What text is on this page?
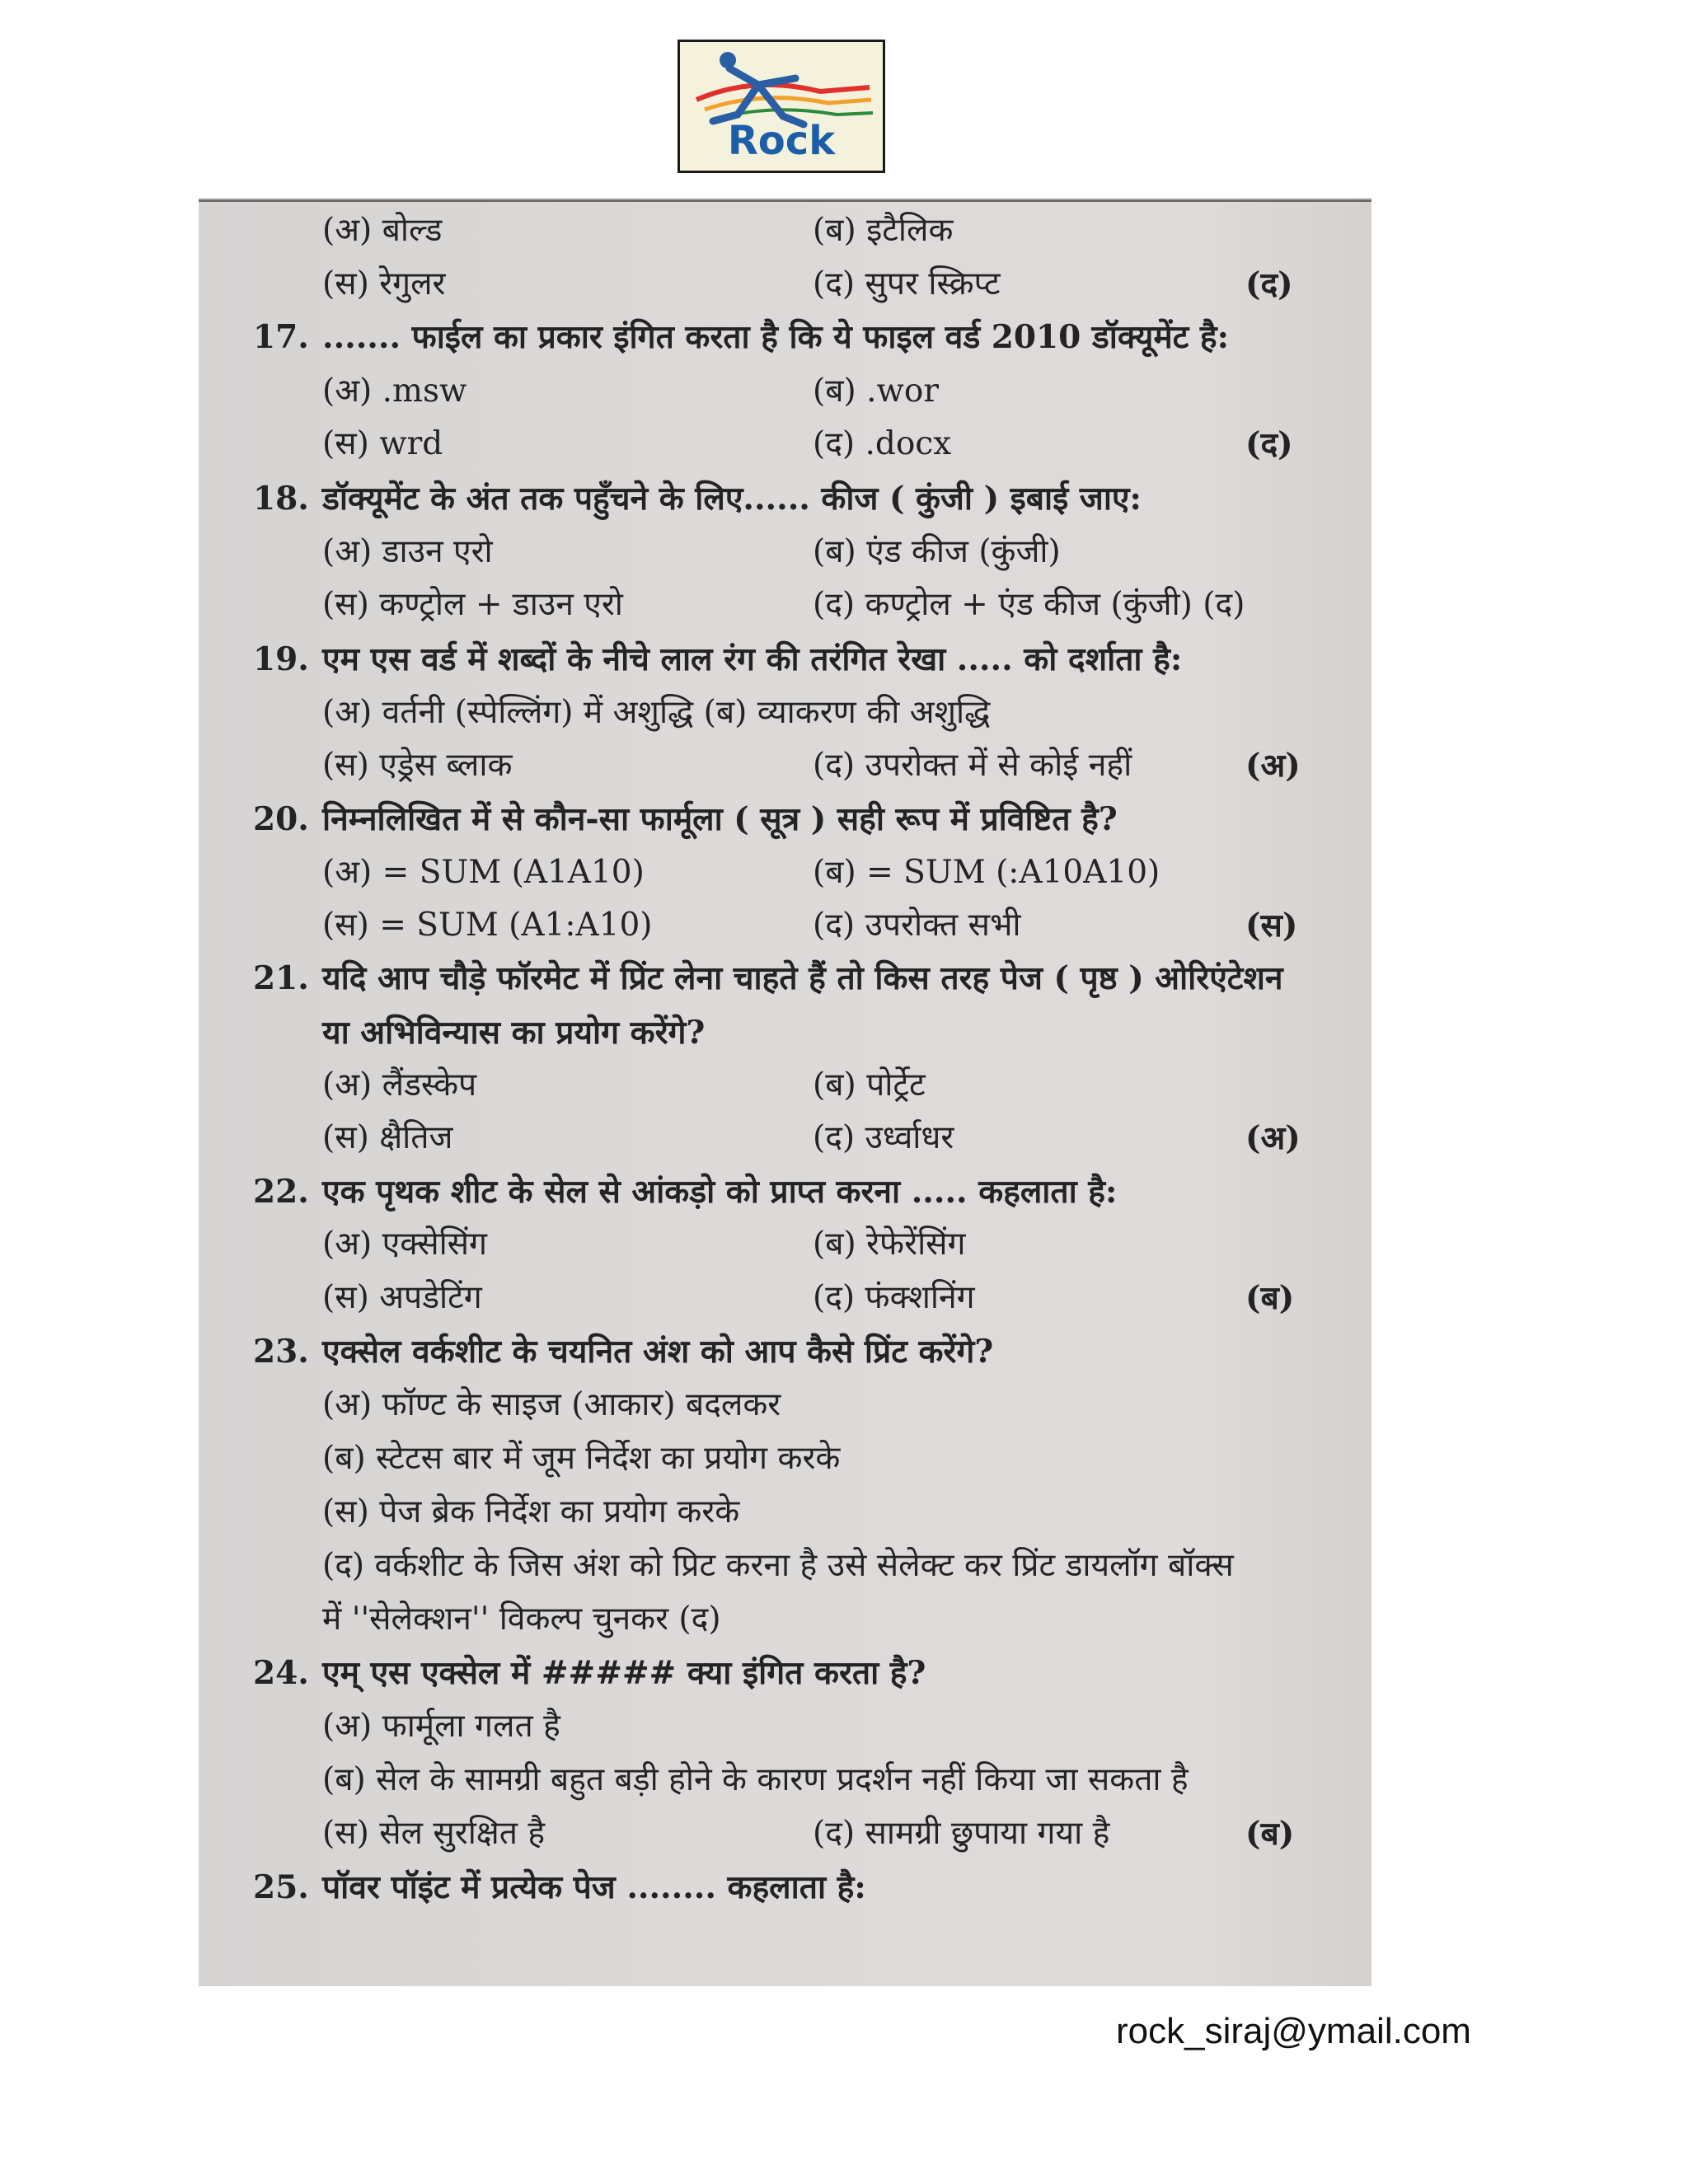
Rock
(अ) बोल्ड	(ब) इटैलिक
(स) रेगुलर	(द) सुपर स्क्रिप्ट	(द)
17. ....... फाईल का प्रकार इंगित करता है कि ये फाइल वर्ड 2010 डॉक्यूमेंट है:
(अ) .msw	(ब) .wor
(स) wrd	(द) .docx	(द)
18. डॉक्यूमेंट के अंत तक पहुँचने के लिए...... कीज ( कुंजी ) इबाई जाए:
(अ) डाउन एरो	(ब) एंड कीज (कुंजी)
(स) कण्ट्रोल + डाउन एरो	(द) कण्ट्रोल + एंड कीज (कुंजी) (द)
19. एम एस वर्ड में शब्दों के नीचे लाल रंग की तरंगित रेखा ..... को दर्शाता है:
(अ) वर्तनी (स्पेल्लिंग) में अशुद्धि (ब) व्याकरण की अशुद्धि
(स) एड्रेस ब्लाक	(द) उपरोक्त में से कोई नहीं	(अ)
20. निम्नलिखित में से कौन-सा फार्मूला ( सूत्र ) सही रूप में प्रविष्टित है?
(अ) = SUM (A1A10)	(ब) = SUM (:A10A10)
(स) = SUM (A1:A10)	(द) उपरोक्त सभी	(स)
21. यदि आप चौड़े फॉरमेट में प्रिंट लेना चाहते हैं तो किस तरह पेज ( पृष्ठ ) ओरिएंटेशन
या अभिविन्यास का प्रयोग करेंगे?
(अ) लैंडस्केप	(ब) पोर्ट्रेट
(स) क्षैतिज	(द) उर्ध्वाधर	(अ)
22. एक पृथक शीट के सेल से आंकड़ो को प्राप्त करना ..... कहलाता है:
(अ) एक्सेसिंग	(ब) रेफेरेंसिंग
(स) अपडेटिंग	(द) फंक्शनिंग	(ब)
23. एक्सेल वर्कशीट के चयनित अंश को आप कैसे प्रिंट करेंगे?
(अ) फॉण्ट के साइज (आकार) बदलकर
(ब) स्टेटस बार में जूम निर्देश का प्रयोग करके
(स) पेज ब्रेक निर्देश का प्रयोग करके
(द) वर्कशीट के जिस अंश को प्रिट करना है उसे सेलेक्ट कर प्रिंट डायलॉग बॉक्स
में ''सेलेक्शन'' विकल्प चुनकर (द)
24. एम् एस एक्सेल में ##### क्या इंगित करता है?
(अ) फार्मूला गलत है
(ब) सेल के सामग्री बहुत बड़ी होने के कारण प्रदर्शन नहीं किया जा सकता है
(स) सेल सुरक्षित है	(द) सामग्री छुपाया गया है	(ब)
25. पॉवर पॉइंट में प्रत्येक पेज ........ कहलाता है:
rock_siraj@ymail.com
